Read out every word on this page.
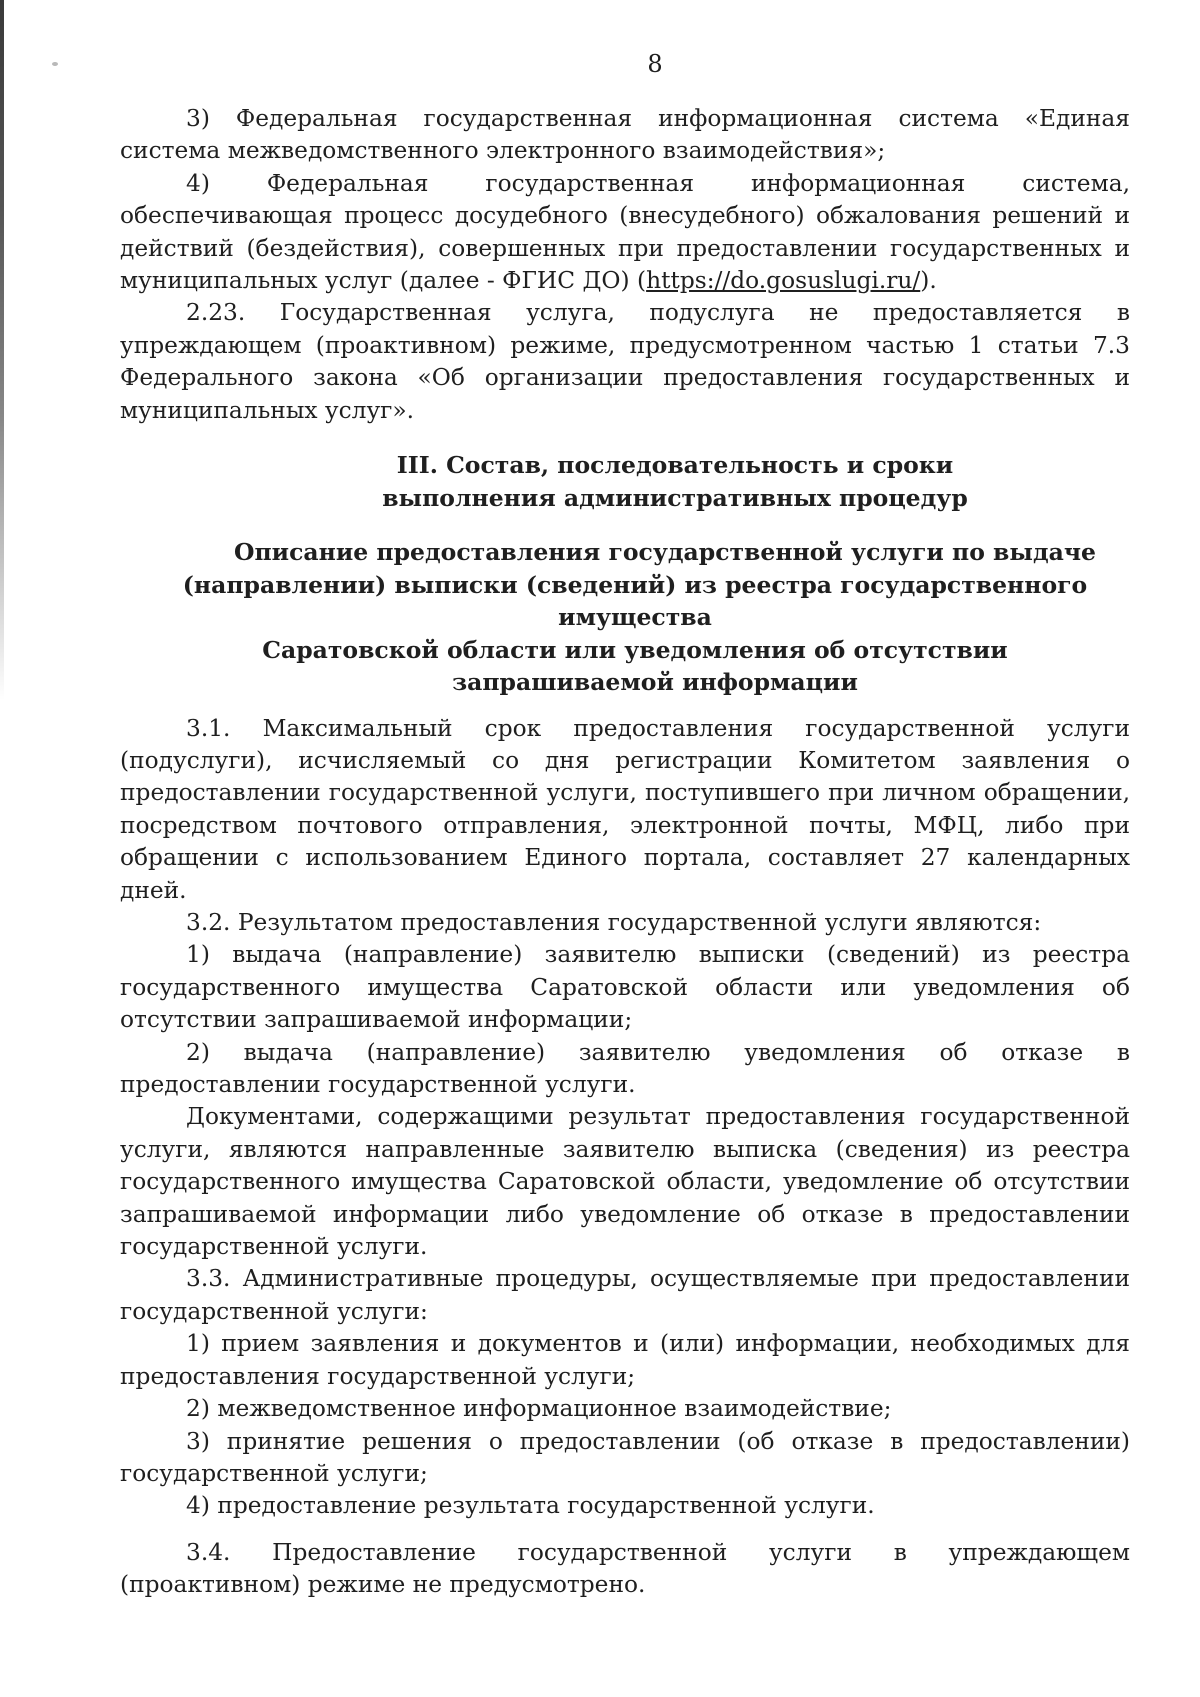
8

3) Федеральная государственная информационная система «Единая система межведомственного электронного взаимодействия»;

4) Федеральная государственная информационная система, обеспечивающая процесс досудебного (внесудебного) обжалования решений и действий (бездействия), совершенных при предоставлении государственных и муниципальных услуг (далее - ФГИС ДО) (https://do.gosuslugi.ru/).

2.23. Государственная услуга, подуслуга не предоставляется в упреждающем (проактивном) режиме, предусмотренном частью 1 статьи 7.3 Федерального закона «Об организации предоставления государственных и муниципальных услуг».

III. Состав, последовательность и сроки

выполнения административных процедур

Описание предоставления государственной услуги по выдаче

(направлении) выписки (сведений) из реестра государственного имущества

Саратовской области или уведомления об отсутствии

запрашиваемой информации

3.1. Максимальный срок предоставления государственной услуги (подуслуги), исчисляемый со дня регистрации Комитетом заявления о предоставлении государственной услуги, поступившего при личном обращении, посредством почтового отправления, электронной почты, МФЦ, либо при обращении с использованием Единого портала, составляет 27 календарных дней.

3.2. Результатом предоставления государственной услуги являются:

1) выдача (направление) заявителю выписки (сведений) из реестра государственного имущества Саратовской области или уведомления об отсутствии запрашиваемой информации;

2) выдача (направление) заявителю уведомления об отказе в предоставлении государственной услуги.

Документами, содержащими результат предоставления государственной услуги, являются направленные заявителю выписка (сведения) из реестра государственного имущества Саратовской области, уведомление об отсутствии запрашиваемой информации либо уведомление об отказе в предоставлении государственной услуги.

3.3. Административные процедуры, осуществляемые при предоставлении государственной услуги:

1) прием заявления и документов и (или) информации, необходимых для предоставления государственной услуги;

2) межведомственное информационное взаимодействие;

3) принятие решения о предоставлении (об отказе в предоставлении) государственной услуги;

4) предоставление результата государственной услуги.

3.4. Предоставление государственной услуги в упреждающем (проактивном) режиме не предусмотрено.
